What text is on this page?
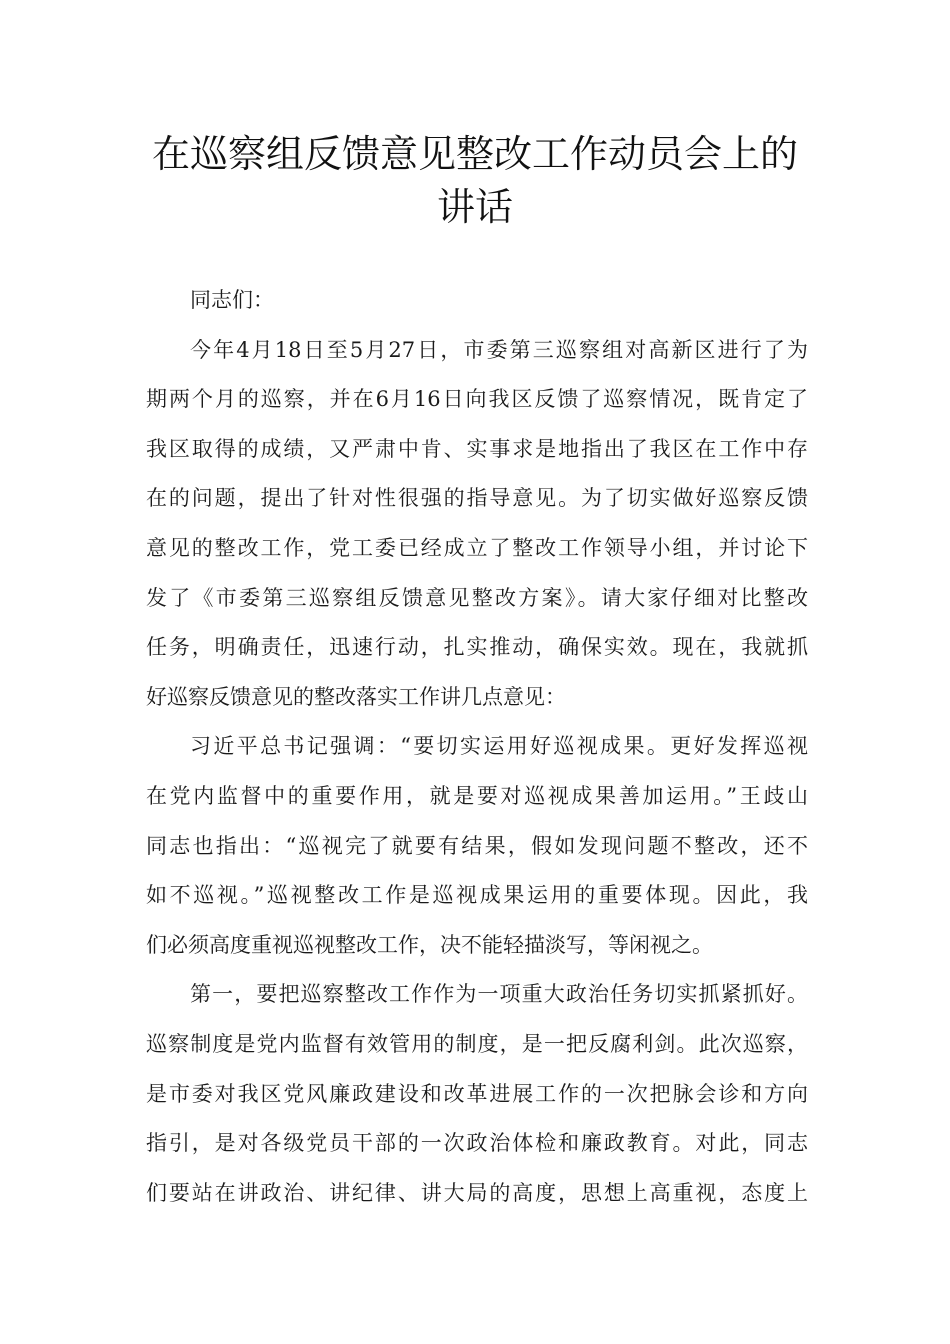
在巡察组反馈意见整改工作动员会上的
讲话
同志们：
今年4月18日至5月27日，市委第三巡察组对高新区进行了为
期两个月的巡察，并在6月16日向我区反馈了巡察情况，既肯定了
我区取得的成绩，又严肃中肯、实事求是地指出了我区在工作中存
在的问题，提出了针对性很强的指导意见。为了切实做好巡察反馈
意见的整改工作，党工委已经成立了整改工作领导小组，并讨论下
发了《市委第三巡察组反馈意见整改方案》。请大家仔细对比整改
任务，明确责任，迅速行动，扎实推动，确保实效。现在，我就抓
好巡察反馈意见的整改落实工作讲几点意见：
习近平总书记强调：“要切实运用好巡视成果。更好发挥巡视
在党内监督中的重要作用，就是要对巡视成果善加运用。”王歧山
同志也指出：“巡视完了就要有结果，假如发现问题不整改，还不
如不巡视。”巡视整改工作是巡视成果运用的重要体现。因此，我
们必须高度重视巡视整改工作，决不能轻描淡写，等闲视之。
第一，要把巡察整改工作作为一项重大政治任务切实抓紧抓好。
巡察制度是党内监督有效管用的制度，是一把反腐利剑。此次巡察，
是市委对我区党风廉政建设和改革进展工作的一次把脉会诊和方向
指引，是对各级党员干部的一次政治体检和廉政教育。对此，同志
们要站在讲政治、讲纪律、讲大局的高度，思想上高重视，态度上
